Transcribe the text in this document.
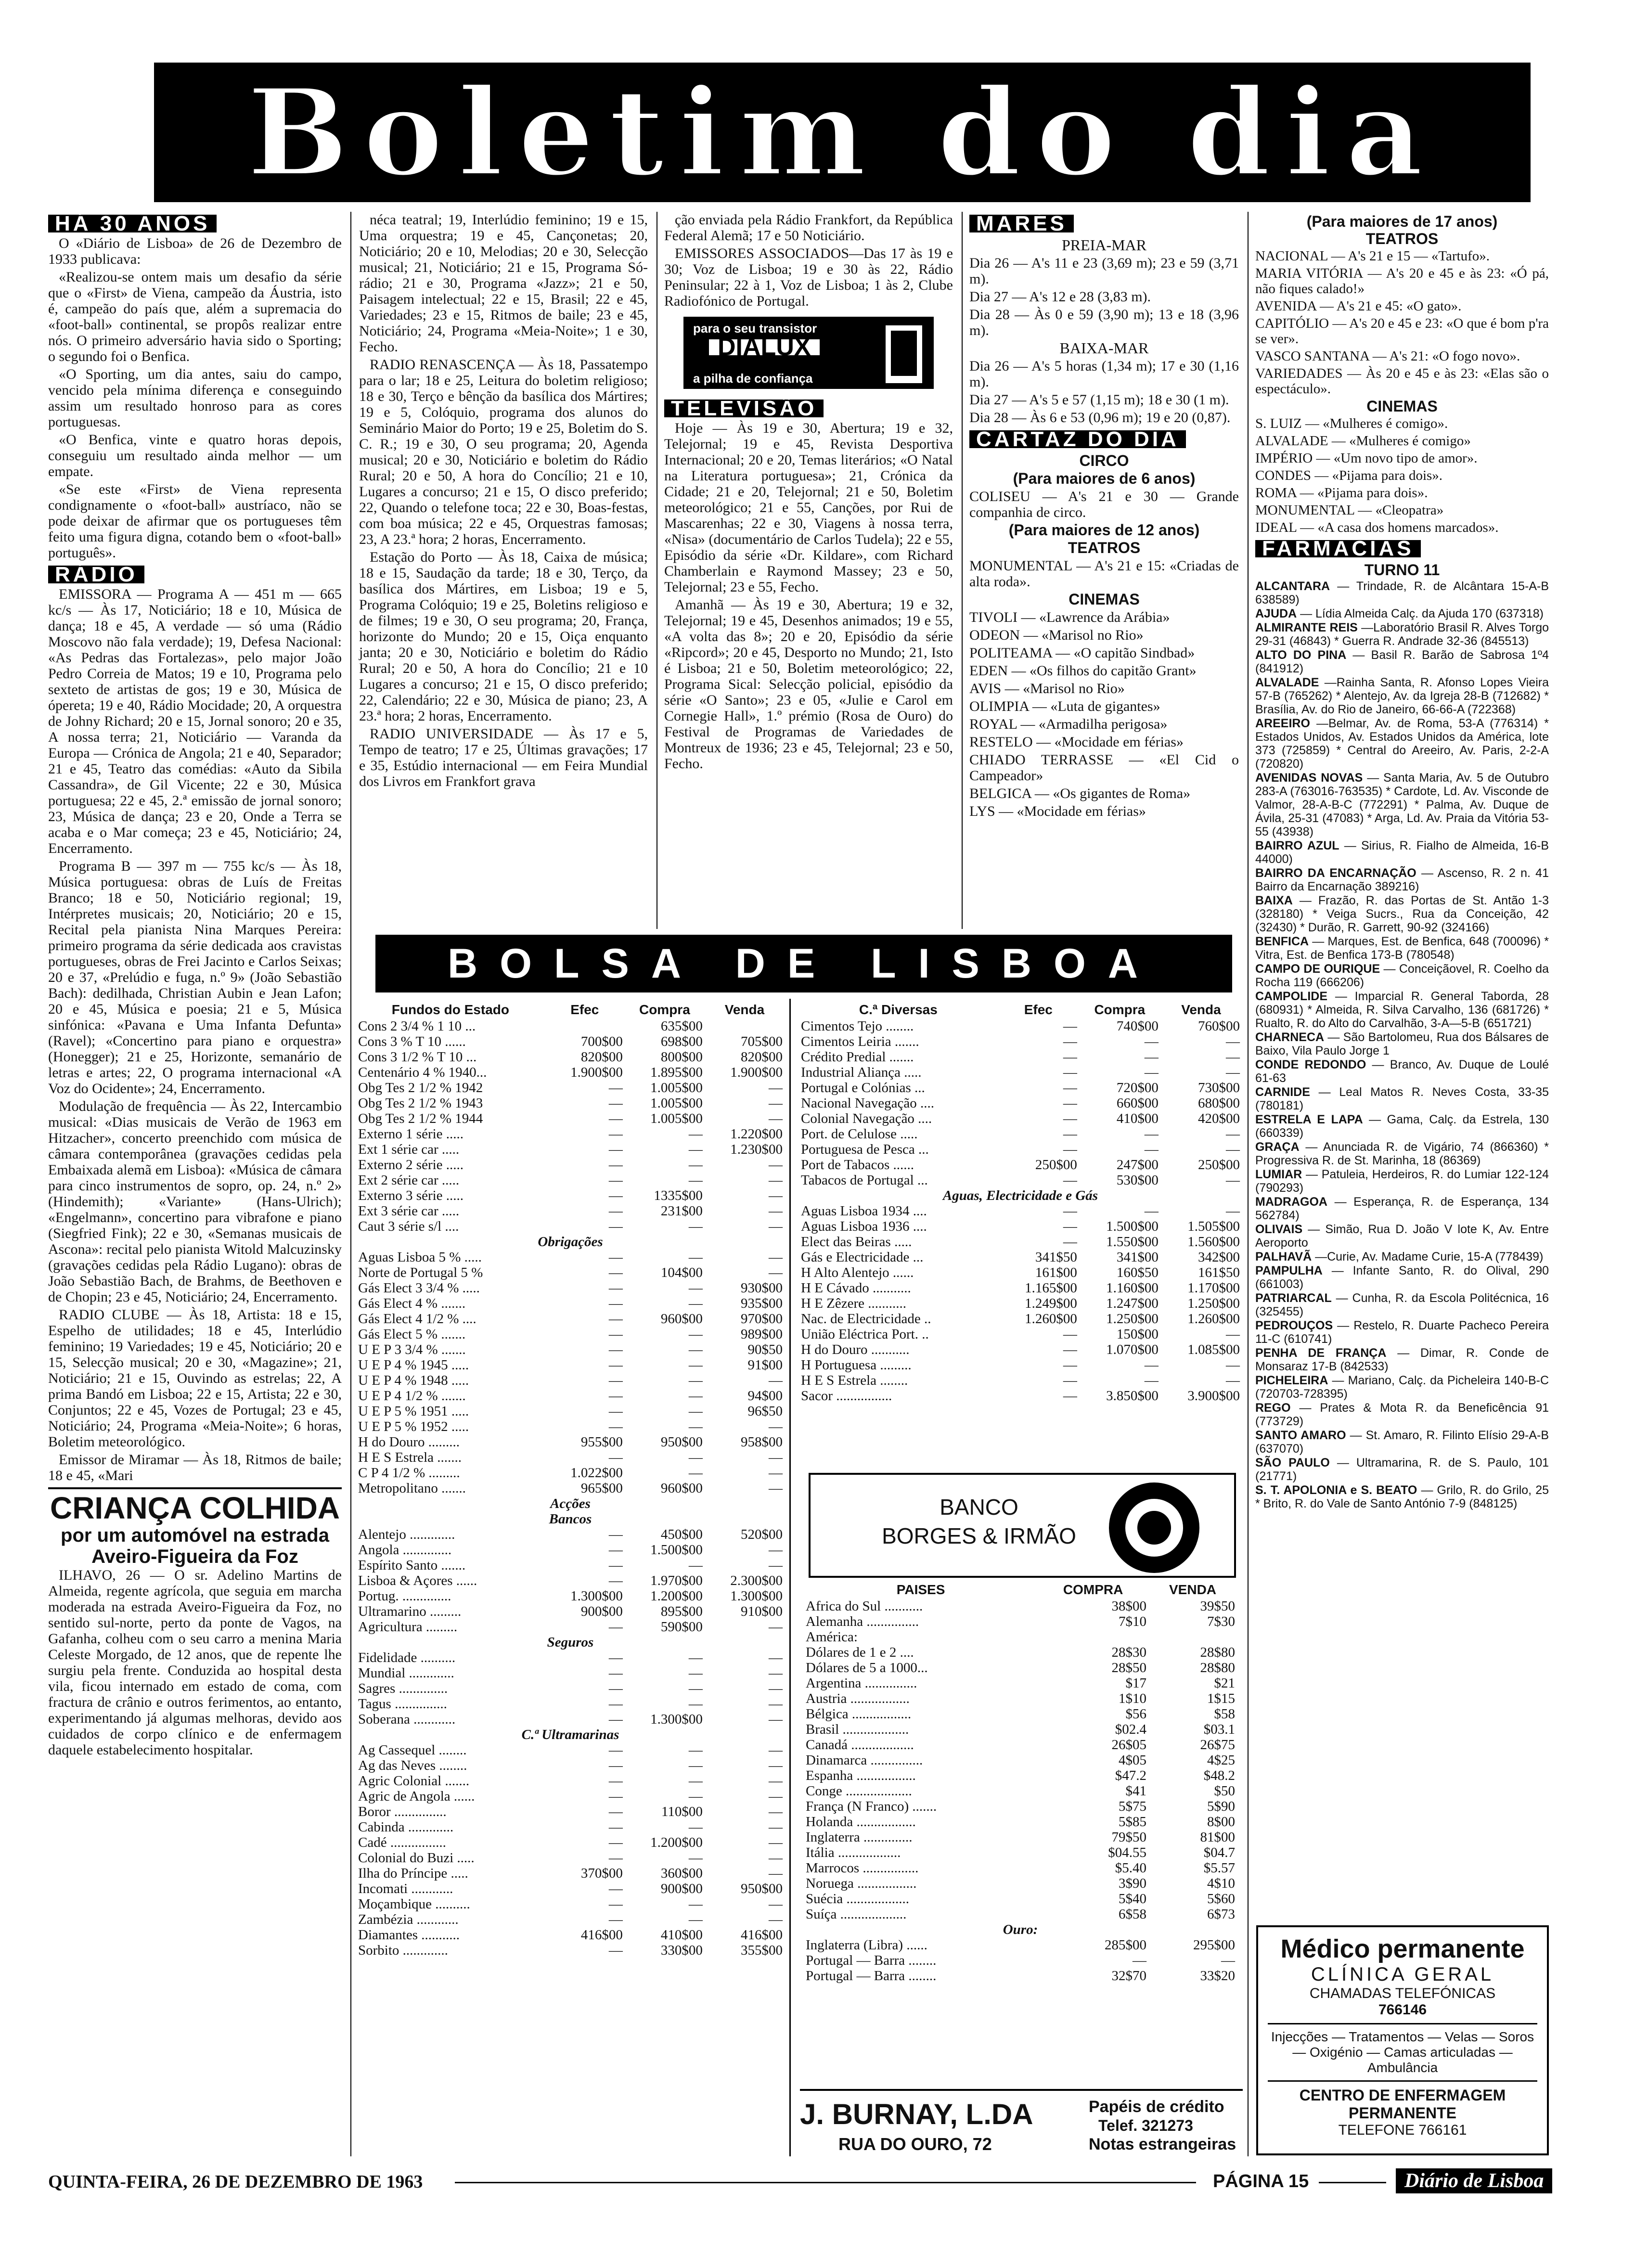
Boletim do dia
HÁ 30 ANOS

O «Diário de Lisboa» de 26 de Dezembro de 1933 publicava:

«Realizou-se ontem mais um desafio da série que o «First» de Viena, campeão da Áustria, isto é, campeão do país que, além a supremacia do «foot-ball» continental, se propôs realizar entre nós. O primeiro adversário havia sido o Sporting; o segundo foi o Benfica.

«O Sporting, um dia antes, saiu do campo, vencido pela mínima diferença e conseguindo assim um resultado honroso para as cores portuguesas.

«O Benfica, vinte e quatro horas depois, conseguiu um resultado ainda melhor — um empate.

«Se este «First» de Viena representa condignamente o «foot-ball» austríaco, não se pode deixar de afirmar que os portugueses têm feito uma figura digna, cotando bem o «foot-ball» português».

RÁDIO

EMISSORA — Programa A — 451 m — 665 kc/s — Às 17, Noticiário; 18 e 10, Música de dança; 18 e 45, A verdade — só uma (Rádio Moscovo não fala verdade); 19, Defesa Nacional: «As Pedras das Fortalezas», pelo major João Pedro Correia de Matos; 19 e 10, Programa pelo sexteto de artistas de gos; 19 e 30, Música de ópereta; 19 e 40, Rádio Mocidade; 20, A orquestra de Johny Richard; 20 e 15, Jornal sonoro; 20 e 35, A nossa terra; 21, Noticiário — Varanda da Europa — Crónica de Angola; 21 e 40, Separador; 21 e 45, Teatro das comédias: «Auto da Sibila Cassandra», de Gil Vicente; 22 e 30, Música portuguesa; 22 e 45, 2.ª emissão de jornal sonoro; 23, Música de dança; 23 e 20, Onde a Terra se acaba e o Mar começa; 23 e 45, Noticiário; 24, Encerramento.

Programa B — 397 m — 755 kc/s — Às 18, Música portuguesa: obras de Luís de Freitas Branco; 18 e 50, Noticiário regional; 19, Intérpretes musicais; 20, Noticiário; 20 e 15, Recital pela pianista Nina Marques Pereira: primeiro programa da série dedicada aos cravistas portugueses, obras de Frei Jacinto e Carlos Seixas; 20 e 37, «Prelúdio e fuga, n.º 9» (João Sebastião Bach): dedilhada, Christian Aubin e Jean Lafon; 20 e 45, Música e poesia; 21 e 5, Música sinfónica: «Pavana e Uma Infanta Defunta» (Ravel); «Concertino para piano e orquestra» (Honegger); 21 e 25, Horizonte, semanário de letras e artes; 22, O programa internacional «A Voz do Ocidente»; 24, Encerramento.

Modulação de frequência — Às 22, Intercambio musical: «Dias musicais de Verão de 1963 em Hitzacher», concerto preenchido com música de câmara contemporânea (gravações cedidas pela Embaixada alemã em Lisboa): «Música de câmara para cinco instrumentos de sopro, op. 24, n.º 2» (Hindemith); «Variante» (Hans-Ulrich); «Engelmann», concertino para vibrafone e piano (Siegfried Fink); 22 e 30, «Semanas musicais de Ascona»: recital pelo pianista Witold Malcuzinsky (gravações cedidas pela Rádio Lugano): obras de João Sebastião Bach, de Brahms, de Beethoven e de Chopin; 23 e 45, Noticiário; 24, Encerramento.

RADIO CLUBE — Às 18, Artista: 18 e 15, Espelho de utilidades; 18 e 45, Interlúdio feminino; 19 Variedades; 19 e 45, Noticiário; 20 e 15, Selecção musical; 20 e 30, «Magazine»; 21, Noticiário; 21 e 15, Ouvindo as estrelas; 22, A prima Bandó em Lisboa; 22 e 15, Artista; 22 e 30, Conjuntos; 22 e 45, Vozes de Portugal; 23 e 45, Noticiário; 24, Programa «Meia-Noite»; 6 horas, Boletim meteorológico.

Emissor de Miramar — Às 18, Ritmos de baile; 18 e 45, «Mari

CRIANÇA COLHIDA
por um automóvel na estrada
Aveiro-Figueira da Foz

ILHAVO, 26 — O sr. Adelino Martins de Almeida, regente agrícola, que seguia em marcha moderada na estrada Aveiro-Figueira da Foz, no sentido sul-norte, perto da ponte de Vagos, na Gafanha, colheu com o seu carro a menina Maria Celeste Morgado, de 12 anos, que de repente lhe surgiu pela frente. Conduzida ao hospital desta vila, ficou internado em estado de coma, com fractura de crânio e outros ferimentos, ao entanto, experimentando já algumas melhoras, devido aos cuidados de corpo clínico e de enfermagem daquele estabelecimento hospitalar.

néca teatral; 19, Interlúdio feminino; 19 e 15, Uma orquestra; 19 e 45, Cançonetas; 20, Noticiário; 20 e 10, Melodias; 20 e 30, Selecção musical; 21, Noticiário; 21 e 15, Programa Só-rádio; 21 e 30, Programa «Jazz»; 21 e 50, Paisagem intelectual; 22 e 15, Brasil; 22 e 45, Variedades; 23 e 15, Ritmos de baile; 23 e 45, Noticiário; 24, Programa «Meia-Noite»; 1 e 30, Fecho.

RADIO RENASCENÇA — Às 18, Passatempo para o lar; 18 e 25, Leitura do boletim religioso; 18 e 30, Terço e bênção da basílica dos Mártires; 19 e 5, Colóquio, programa dos alunos do Seminário Maior do Porto; 19 e 25, Boletim do S. C. R.; 19 e 30, O seu programa; 20, Agenda musical; 20 e 30, Noticiário e boletim do Rádio Rural; 20 e 50, A hora do Concílio; 21 e 10, Lugares a concurso; 21 e 15, O disco preferido; 22, Quando o telefone toca; 22 e 30, Boas-festas, com boa música; 22 e 45, Orquestras famosas; 23, A 23.ª hora; 2 horas, Encerramento.

Estação do Porto — Às 18, Caixa de música; 18 e 15, Saudação da tarde; 18 e 30, Terço, da basílica dos Mártires, em Lisboa; 19 e 5, Programa Colóquio; 19 e 25, Boletins religioso e de filmes; 19 e 30, O seu programa; 20, França, horizonte do Mundo; 20 e 15, Oiça enquanto janta; 20 e 30, Noticiário e boletim do Rádio Rural; 20 e 50, A hora do Concílio; 21 e 10 Lugares a concurso; 21 e 15, O disco preferido; 22, Calendário; 22 e 30, Música de piano; 23, A 23.ª hora; 2 horas, Encerramento.

RADIO UNIVERSIDADE — Às 17 e 5, Tempo de teatro; 17 e 25, Últimas gravações; 17 e 35, Estúdio internacional — em Feira Mundial dos Livros em Frankfort grava

ção enviada pela Rádio Frankfort, da República Federal Alemã; 17 e 50 Noticiário.

EMISSORES ASSOCIADOS—Das 17 às 19 e 30; Voz de Lisboa; 19 e 30 às 22, Rádio Peninsular; 22 à 1, Voz de Lisboa; 1 às 2, Clube Radiofónico de Portugal.

para o seu transistor
DIALUX
a pilha de confiança
TELEVISÃO

Hoje — Às 19 e 30, Abertura; 19 e 32, Telejornal; 19 e 45, Revista Desportiva Internacional; 20 e 20, Temas literários; «O Natal na Literatura portuguesa»; 21, Crónica da Cidade; 21 e 20, Telejornal; 21 e 50, Boletim meteorológico; 21 e 55, Canções, por Rui de Mascarenhas; 22 e 30, Viagens à nossa terra, «Nisa» (documentário de Carlos Tudela); 22 e 55, Episódio da série «Dr. Kildare», com Richard Chamberlain e Raymond Massey; 23 e 50, Telejornal; 23 e 55, Fecho.

Amanhã — Às 19 e 30, Abertura; 19 e 32, Telejornal; 19 e 45, Desenhos animados; 19 e 55, «A volta das 8»; 20 e 20, Episódio da série «Ripcord»; 20 e 45, Desporto no Mundo; 21, Isto é Lisboa; 21 e 50, Boletim meteorológico; 22, Programa Sical: Selecção policial, episódio da série «O Santo»; 23 e 05, «Julie e Carol em Cornegie Hall», 1.º prémio (Rosa de Ouro) do Festival de Programas de Variedades de Montreux de 1936; 23 e 45, Telejornal; 23 e 50, Fecho.

MARÉS
PREIA-MAR

Dia 26 — A's 11 e 23 (3,69 m); 23 e 59 (3,71 m).

Dia 27 — A's 12 e 28 (3,83 m).

Dia 28 — Às 0 e 59 (3,90 m); 13 e 18 (3,96 m).

BAIXA-MAR

Dia 26 — A's 5 horas (1,34 m); 17 e 30 (1,16 m).

Dia 27 — A's 5 e 57 (1,15 m); 18 e 30 (1 m).

Dia 28 — Às 6 e 53 (0,96 m); 19 e 20 (0,87).

CARTAZ DO DIA
CIRCO
(Para maiores de 6 anos)

COLISEU — A's 21 e 30 — Grande companhia de circo.

(Para maiores de 12 anos)
TEATROS

MONUMENTAL — A's 21 e 15: «Criadas de alta roda».

CINEMAS

TIVOLI — «Lawrence da Arábia»

ODEON — «Marisol no Rio»

POLITEAMA — «O capitão Sindbad»

EDEN — «Os filhos do capitão Grant»

AVIS — «Marisol no Rio»

OLIMPIA — «Luta de gigantes»

ROYAL — «Armadilha perigosa»

RESTELO — «Mocidade em férias»

CHIADO TERRASSE — «El Cid o Campeador»

BELGICA — «Os gigantes de Roma»

LYS — «Mocidade em férias»

(Para maiores de 17 anos)
TEATROS

NACIONAL — A's 21 e 15 — «Tartufo».

MARIA VITÓRIA — A's 20 e 45 e às 23: «Ó pá, não fiques calado!»

AVENIDA — A's 21 e 45: «O gato».

CAPITÓLIO — A's 20 e 45 e 23: «O que é bom p'ra se ver».

VASCO SANTANA — A's 21: «O fogo novo».

VARIEDADES — Às 20 e 45 e às 23: «Elas são o espectáculo».

CINEMAS

S. LUIZ — «Mulheres é comigo».

ALVALADE — «Mulheres é comigo»

IMPÉRIO — «Um novo tipo de amor».

CONDES — «Pijama para dois».

ROMA — «Pijama para dois».

MONUMENTAL — «Cleopatra»

IDEAL — «A casa dos homens marcados».

FARMÁCIAS
TURNO 11
ALCANTARA — Trindade, R. de Alcântara 15-A-B 638589)
AJUDA — Lídia Almeida Calç. da Ajuda 170 (637318)
ALMIRANTE REIS —Laboratório Brasil R. Alves Torgo 29-31 (46843) * Guerra R. Andrade 32-36 (845513)
ALTO DO PINA — Basil R. Barão de Sabrosa 1º4 (841912)
ALVALADE —Rainha Santa, R. Afonso Lopes Vieira 57-B (765262) * Alentejo, Av. da Igreja 28-B (712682) * Brasília, Av. do Rio de Janeiro, 66-66-A (722368)
AREEIRO —Belmar, Av. de Roma, 53-A (776314) * Estados Unidos, Av. Estados Unidos da América, lote 373 (725859) * Central do Areeiro, Av. Paris, 2-2-A (720820)
AVENIDAS NOVAS — Santa Maria, Av. 5 de Outubro 283-A (763016-763535) * Cardote, Ld. Av. Visconde de Valmor, 28-A-B-C (772291) * Palma, Av. Duque de Ávila, 25-31 (47083) * Arga, Ld. Av. Praia da Vitória 53-55 (43938)
BAIRRO AZUL — Sirius, R. Fialho de Almeida, 16-B 44000)
BAIRRO DA ENCARNAÇÃO — Ascenso, R. 2 n. 41 Bairro da Encarnação 389216)
BAIXA — Frazão, R. das Portas de St. Antão 1-3 (328180) * Veiga Sucrs., Rua da Conceição, 42 (32430) * Durão, R. Garrett, 90-92 (324166)
BENFICA — Marques, Est. de Benfica, 648 (700096) * Vitra, Est. de Benfica 173-B (780548)
CAMPO DE OURIQUE — Conceiçãovel, R. Coelho da Rocha 119 (666206)
CAMPOLIDE — Imparcial R. General Taborda, 28 (680931) * Almeida, R. Silva Carvalho, 136 (681726) * Rualto, R. do Alto do Carvalhão, 3-A—5-B (651721)
CHARNECA — São Bartolomeu, Rua dos Bálsares de Baixo, Vila Paulo Jorge 1
CONDE REDONDO — Branco, Av. Duque de Loulé 61-63
CARNIDE — Leal Matos R. Neves Costa, 33-35 (780181)
ESTRELA E LAPA — Gama, Calç. da Estrela, 130 (660339)
GRAÇA — Anunciada R. de Vigário, 74 (866360) * Progressiva R. de St. Marinha, 18 (86369)
LUMIAR — Patuleia, Herdeiros, R. do Lumiar 122-124 (790293)
MADRAGOA — Esperança, R. de Esperança, 134 562784)
OLIVAIS — Simão, Rua D. João V lote K, Av. Entre Aeroporto
PALHAVÃ —Curie, Av. Madame Curie, 15-A (778439)
PAMPULHA — Infante Santo, R. do Olival, 290 (661003)
PATRIARCAL — Cunha, R. da Escola Politécnica, 16 (325455)
PEDROUÇOS — Restelo, R. Duarte Pacheco Pereira 11-C (610741)
PENHA DE FRANÇA — Dimar, R. Conde de Monsaraz 17-B (842533)
PICHELEIRA — Mariano, Calç. da Picheleira 140-B-C (720703-728395)
REGO — Prates & Mota R. da Beneficência 91 (773729)
SANTO AMARO — St. Amaro, R. Filinto Elísio 29-A-B (637070)
SÃO PAULO — Ultramarina, R. de S. Paulo, 101 (21771)
S. T. APOLONIA e S. BEATO — Grilo, R. do Grilo, 25 * Brito, R. do Vale de Santo António 7-9 (848125)
BOLSA DE LISBOA
Fundos do Estado	Efec	Compra	Venda
Cons 2 3/4 % 1 10 ...		635$00	
Cons 3 % T 10 ......	700$00	698$00	705$00
Cons 3 1/2 % T 10 ...	820$00	800$00	820$00
Centenário 4 % 1940...	1.900$00	1.895$00	1.900$00
Obg Tes 2 1/2 % 1942	—	1.005$00	—
Obg Tes 2 1/2 % 1943	—	1.005$00	—
Obg Tes 2 1/2 % 1944	—	1.005$00	—
Externo 1 série .....	—	—	1.220$00
Ext 1 série car .....	—	—	1.230$00
Externo 2 série .....	—	—	—
Ext 2 série car .....	—	—	—
Externo 3 série .....	—	1335$00	—
Ext 3 série car .....	—	231$00	—
Caut 3 série s/l ....	—	—	—
Obrigações			
Aguas Lisboa 5 % .....	—	—	—
Norte de Portugal 5 %	—	104$00	—
Gás Elect 3 3/4 % .....	—	—	930$00
Gás Elect 4 % .......	—	—	935$00
Gás Elect 4 1/2 % ....	—	960$00	970$00
Gás Elect 5 % .......	—	—	989$00
U E P 3 3/4 % .......	—	—	90$50
U E P 4 % 1945 .....	—	—	91$00
U E P 4 % 1948 .....	—	—	—
U E P 4 1/2 % .......	—	—	94$00
U E P 5 % 1951 .....	—	—	96$50
U E P 5 % 1952 .....	—	—	—
H do Douro .........	955$00	950$00	958$00
H E S Estrela .......	—	—	—
C P 4 1/2 % .........	1.022$00	—	—
Metropolitano .......	965$00	960$00	—
Acções			
Bancos			
Alentejo .............	—	450$00	520$00
Angola ..............	—	1.500$00	—
Espírito Santo .......	—	—	—
Lisboa & Açores ......	—	1.970$00	2.300$00
Portug. ..............	1.300$00	1.200$00	1.300$00
Ultramarino .........	900$00	895$00	910$00
Agricultura .........	—	590$00	—
Seguros			
Fidelidade ..........	—	—	—
Mundial .............	—	—	—
Sagres ..............	—	—	—
Tagus ...............	—	—	—
Soberana ............	—	1.300$00	—
C.ª Ultramarinas			
Ag Cassequel ........	—	—	—
Ag das Neves ........	—	—	—
Agric Colonial .......	—	—	—
Agric de Angola ......	—	—	—
Boror ...............	—	110$00	—
Cabinda .............	—	—	—
Cadé ................	—	1.200$00	—
Colonial do Buzi .....	—	—	—
Ilha do Príncipe .....	370$00	360$00	—
Incomati ............	—	900$00	950$00
Moçambique ..........	—	—	—
Zambézia ............	—	—	—
Diamantes ...........	416$00	410$00	416$00
Sorbito .............	—	330$00	355$00
C.ª Diversas	Efec	Compra	Venda
Cimentos Tejo ........	—	740$00	760$00
Cimentos Leiria .......	—	—	—
Crédito Predial .......	—	—	—
Industrial Aliança .....	—	—	—
Portugal e Colónias ...	—	720$00	730$00
Nacional Navegação ....	—	660$00	680$00
Colonial Navegação ....	—	410$00	420$00
Port. de Celulose .....	—	—	—
Portuguesa de Pesca ...	—	—	—
Port de Tabacos ......	250$00	247$00	250$00
Tabacos de Portugal ...	—	530$00	—
Aguas, Electricidade e Gás			
Aguas Lisboa 1934 ....	—	—	—
Aguas Lisboa 1936 ....	—	1.500$00	1.505$00
Elect das Beiras .....	—	1.550$00	1.560$00
Gás e Electricidade ...	341$50	341$00	342$00
H Alto Alentejo ......	161$00	160$50	161$50
H E Cávado ...........	1.165$00	1.160$00	1.170$00
H E Zêzere ...........	1.249$00	1.247$00	1.250$00
Nac. de Electricidade ..	1.260$00	1.250$00	1.260$00
União Eléctrica Port. ..	—	150$00	—
H do Douro ...........	—	1.070$00	1.085$00
H Portuguesa .........	—	—	—
H E S Estrela ........	—	—	—
Sacor ................	—	3.850$00	3.900$00
BANCO
BORGES & IRMÃO
PAISES	COMPRA	VENDA
Africa do Sul ...........	38$00	39$50
Alemanha ...............	7$10	7$30
América:		
Dólares de 1 e 2 ....	28$30	28$80
Dólares de 5 a 1000...	28$50	28$80
Argentina ...............	$17	$21
Austria .................	1$10	1$15
Bélgica .................	$56	$58
Brasil ...................	$02.4	$03.1
Canadá ..................	26$05	26$75
Dinamarca ...............	4$05	4$25
Espanha .................	$47.2	$48.2
Conge ...................	$41	$50
França (N Franco) .......	5$75	5$90
Holanda .................	5$85	8$00
Inglaterra ..............	79$50	81$00
Itália ..................	$04.55	$04.7
Marrocos ................	$5.40	$5.57
Noruega .................	3$90	4$10
Suécia ..................	5$40	5$60
Suíça ...................	6$58	6$73
Ouro:		
Inglaterra (Libra) ......	285$00	295$00
Portugal — Barra ........	—	—
Portugal — Barra ........	32$70	33$20
J. BURNAY, L.DA
RUA DO OURO, 72
Papéis de crédito
Telef. 321273
Notas estrangeiras
Médico permanente
CLÍNICA GERAL
CHAMADAS TELEFÓNICAS
766146
Injecções — Tratamentos — Velas — Soros — Oxigénio — Camas articuladas — Ambulância
CENTRO DE ENFERMAGEM PERMANENTE
TELEFONE 766161
QUINTA-FEIRA, 26 DE DEZEMBRO DE 1963	PÁGINA 15	Diário de Lisboa
